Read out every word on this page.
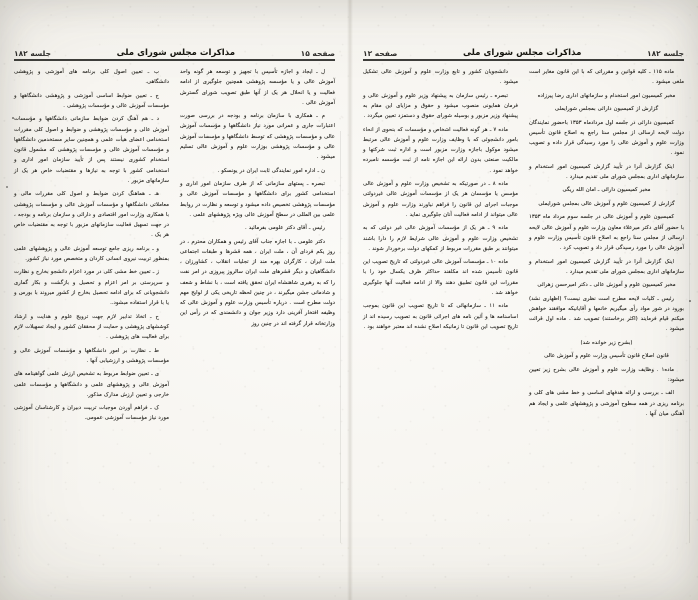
جلسه ۱۸۲
مذاکرات مجلس شورای ملی
صفحه ۱۲

ماده ۱۱۵ ـ کلیه قوانین و مقرراتی که با این قانون مغایر است ملغی میشود .

مخبر کمیسیون امور استخدام و سازمانهای اداری رضا پیرزاده

گزارش از کمیسیون دارائی بمجلس شورایملی

کمیسیون دارائی در جلسه اول مردادماه ۱۳۵۳ باحضور نمایندگان دولت لایحه ارسالی از مجلس سنا راجع به اصلاح قانون تأسیس وزارت علوم و آموزش عالی را مورد رسیدگی قرار داده و تصویب نمود .

اینک گزارش آنرا در تأیید گزارش کمیسیون امور استخدام و سازمانهای اداری بمجلس شورای ملی تقدیم میدارد .

مخبر کمیسیون دارائی ـ امان الله ریگی

گزارش از کمیسیون علوم و آموزش عالی بمجلس شورایملی

کمیسیون علوم و آموزش عالی در جلسه سوم مرداد ماه ۱۳۵۳ با حضور آقای دکتر میرعلاء معاون وزارت علوم و آموزش عالی لایحه ارسالی از مجلس سنا راجع به اصلاح قانون تأسیس وزارت علوم و آموزش عالی را مورد رسیدگی قرار داد و تصویب کرد .

اینک گزارش آنرا در تأیید گزارش کمیسیون امور استخدام و سازمانهای اداری بمجلس شورای ملی تقدیم میدارد .

مخبر کمیسیون علوم و آموزش عالی ـ دکتر امیرحسن زهرائی

رئیس ـ کلیات لایحه مطرح است نظری نیست؟ (اظهاری نشد) بورود در شور مواد رأی میگیریم خانمها و آقایانیکه موافقند خواهش میکنم قیام فرمایند (اکثر برخاستند) تصویب شد . ماده اول قرائت میشود .

(بشرح زیر خوانده شد)

قانون اصلاح قانون تأسیس وزارت علوم و آموزش عالی

ماده۱ . وظایف وزارت علوم و آموزش عالی بشرح زیر تعیین میشود:

الف ـ بررسی و ارائه هدفهای اساسی و خط مشی های کلی و برنامه ریزی در همه سطوح آموزشی و پژوهشهای علمی و ایجاد هم آهنگی میان آنها .

دانشجویان کشور و تابع وزارت علوم و آموزش عالی تشکیل میشود .

تبصره ـ رئیس سازمان به پیشنهاد وزیر علوم و آموزش عالی و فرمان همایونی منصوب میشود و حقوق و مزایای این مقام به پیشنهاد وزیر مزبور و بوسیله شورای حقوق و دستمزد تعیین میگردد .

ماده ۷ ـ هر گونه فعالیت اشخاص و مؤسسات که بنحوی از انحاء بامور دانشجوئی که با وظایف وزارت علوم و آموزش عالی مرتبط میشود موکول باجازه وزارت مزبور است و اداره ثبت شرکتها و مالکیت صنعتی بدون ارائه این اجازه نامه از ثبت مؤسسه نامبرده خواهد نمود .

ماده ۸ ـ در صورتیکه به تشخیص وزارت علوم و آموزش عالی مؤسس یا مؤسسان هر یک از مؤسسات آموزش عالی غیردولتی موجبات اجرای این قانون را فراهم نیاورند وزارت علوم و آموزش عالی میتواند از ادامه فعالیت آنان جلوگیری نماید .

ماده ۹ ـ هر یک از مؤسسات آموزش عالی غیر دولتی که به تشخیص وزارت علوم و آموزش عالی شرایط لازم را دارا باشند میتوانند بر طبق مقررات مربوط از کمکهای دولت برخوردار شوند .

ماده ۱۰ ـ مؤسسات آموزش عالی غیردولتی که تاریخ تصویب این قانون تأسیس شده اند مکلفند حداکثر ظرف یکسال خود را با مقررات این قانون تطبیق دهند والا از ادامه فعالیت آنها جلوگیری خواهد شد .

ماده ۱۱ ـ سازمانهائی که تا تاریخ تصویب این قانون بموجب اساسنامه ها و آئین نامه های اجرائی قانون به تصویب رسیده اند از تاریخ تصویب این قانون تا زمانیکه اصلاح نشده اند معتبر خواهند بود .

صفحه ۱۵
مذاکرات مجلس شورای ملی
جلسه ۱۸۲

ل ـ ایجاد و اجازه تأسیس با تجهیز و توسعه هر گونه واحد آموزش عالی و یا مؤسسه پژوهشی همچنین جلوگیری از ادامه فعالیت و یا انحلال هر یک از آنها طبق تصویب شورای گسترش آموزش عالی .

م ـ همکاری با سازمان برنامه و بودجه در بررسی صورت اعتبارات جاری و عمرانی مورد نیاز دانشگاهها و مؤسسات آموزش عالی و مؤسسات پژوهشی که توسط دانشگاهها و مؤسسات آموزش عالی و مؤسسات پژوهشی بوزارت علوم و آموزش عالی تسلیم میشود .

ن ـ اداره امور نمایندگی ثابت ایران در یونسکو .

تبصره ـ پستهای سازمانی که از طرف سازمان امور اداری و استخدامی کشور برای دانشگاهها و مؤسسات آموزش عالی و مؤسسات پژوهشی تخصیص داده میشود و توسعه و نظارت در روابط علمی بین المللی در سطح آموزش عالی ویژه پژوهشهای علمی .

رئیس ـ آقای دکتر علومی بفرمائید .

دکتر علومی ـ با اجازه جناب آقای رئیس و همکاران محترم ، در روز یکم فردای آن ، ملت ایران ، همه قشرها و طبقات اجتماعی ملت ایران ، کارگران بهره مند از تجلیات انقلاب ، کشاورزان ، دانشگاهیان و دیگر قشرهای ملت ایران سالروز پیروزی در امر نفت را که به رهبری شاهنشاه ایران تحقق یافته است ، با نشاط و شعف و شادمانی جشن میگیرند ، در چنین لحظه تاریخی یکی از لوایح مهم دولت مطرح است . درباره تأسیس وزارت علوم و آموزش عالی که وظیفه افتخار آفرینی دارد وزیر جوان و دانشمندی که در رأس این وزارتخانه قرار گرفته اند در چنین روز

ب ـ تعیین اصول کلی برنامه های آموزشی و پژوهشی دانشگاهی.

ج ـ تعیین ضوابط اساسی آموزشی و پژوهشی دانشگاهها و مؤسسات آموزش عالی و مؤسسات پژوهشی .

د ـ هم آهنگ کردن ضوابط سازمانی دانشگاهها و مؤسسات آموزش عالی و مؤسسات پژوهشی و ضوابط و اصول کلی مقررات استخدامی اعضای هیأت علمی و همچنین سایر مستخدمین دانشگاهها و مؤسسات آموزش عالی و مؤسسات پژوهشی که مشمول قانون استخدام کشوری نیستند پس از تأیید سازمان امور اداری و استخدامی کشور با توجه به نیازها و مقتضیات خاص هر یک از سازمانهای مزبور .

هـ ـ هماهنگ کردن ضوابط و اصول کلی مقررات مالی و معاملاتی دانشگاهها و مؤسسات آموزش عالی و مؤسسات پژوهشی با همکاری وزارت امور اقتصادی و دارائی و سازمان برنامه و بودجه ، در جهت تسهیل فعالیت سازمانهای مزبور با توجه به مقتضیات خاص هر یک .

و ـ برنامه ریزی جامع توسعه آموزش عالی و پژوهشهای علمی بمنظور تربیت نیروی انسانی کاردان و متخصص مورد نیاز کشور.

ز ـ تعیین خط مشی کلی در مورد اعزام دانشجو بخارج و نظارت و سرپرستی بر امر اعزام و تحصیل و بازگشت و بکار گماری دانشجویانی که برای ادامه تحصیل بخارج از کشور میروند با بورس و یا با قرار استفاده مبشود..

ح ـ اتخاذ تدابیر لازم جهت ترویج علوم و هدایت و ارشاد کوششهای پژوهشی و حمایت از محققان کشور و ایجاد تسهیلات لازم برای فعالیت های پژوهشی .

ط ـ نظارت بر امور دانشگاهها و مؤسسات آموزش عالی و مؤسسات پژوهشی و ارزشیابی آنها .

ی ـ تعیین ضوابط مربوط به تشخیص ارزش علمی گواهینامه های آموزش عالی و پژوهشهای علمی و دانشگاهها و مؤسسات علمی خارجی و تعیین ارزش مدارک مذکور.

ک ـ فراهم آوردن موجبات تربیت دبیران و کارشناسان آموزشی مورد نیاز مؤسسات آموزشی عمومی.
